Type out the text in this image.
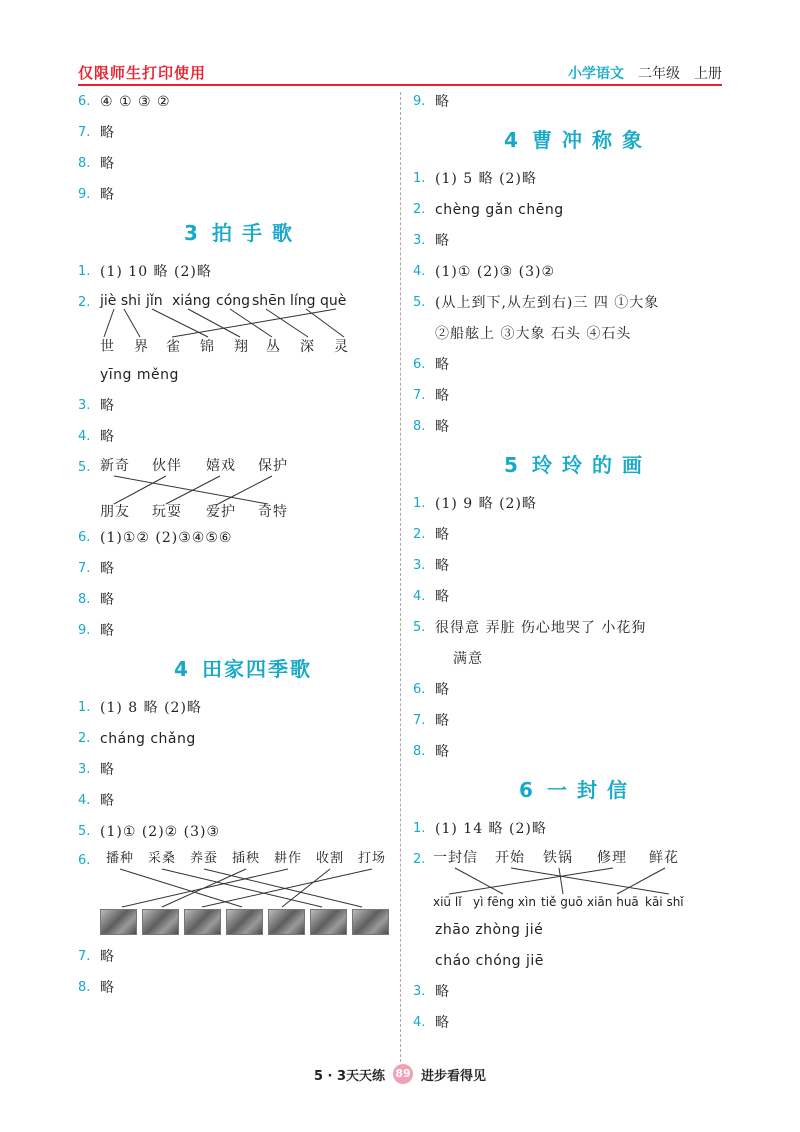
仅限师生打印使用	小学语文 二年级 上册
6. ④ ① ③ ②
7. 略
8. 略
9. 略
3 拍手歌
1. (1) 10 略 (2)略
2. jiè shi jǐn xiáng cóng shēn líng què
世 界 雀 锦 翔 丛 深 灵
yīng měng
3. 略
4. 略
5. 新奇 伙伴 嬉戏 保护
朋友 玩耍 爱护 奇特
6. (1)①② (2)③④⑤⑥
7. 略
8. 略
9. 略
4 田家四季歌
1. (1) 8 略 (2)略
2. cháng chǎng
3. 略
4. 略
5. (1)① (2)② (3)③
6.	播种 采桑 养蚕 插秧 耕作 收割 打场
7. 略
8. 略
9. 略
4 曹冲称象
1. (1) 5 略 (2)略
2. chèng gǎn chēng
3. 略
4. (1)① (2)③ (3)②
5. (从上到下,从左到右)三 四 ①大象
②船舷上 ③大象 石头 ④石头
6. 略
7. 略
8. 略
5 玲玲的画
1. (1) 9 略 (2)略
2. 略
3. 略
4. 略
5. 很得意 弄脏 伤心地哭了 小花狗
满意
6. 略
7. 略
8. 略
6 一封信
1. (1) 14 略 (2)略
2. 一封信 开始 铁锅 修理 鲜花
xiū lǐ yì fēng xìn tiě guō xiān huā kāi shǐ
zhāo zhòng jié
cháo chóng jiē
3. 略
4. 略
5 · 3天天练 89 进步看得见
